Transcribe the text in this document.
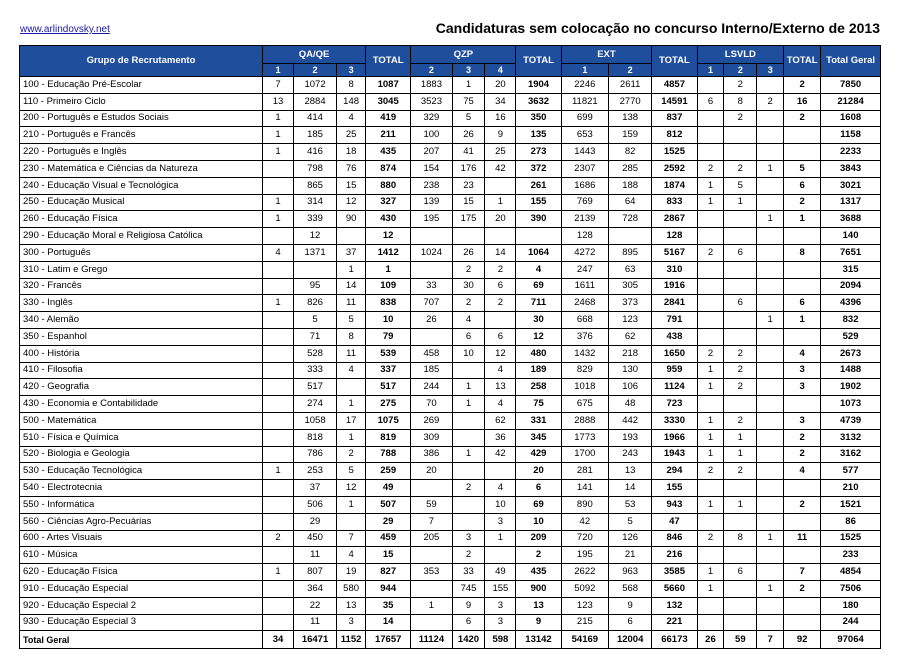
www.arlindovsky.net	Candidaturas sem colocação no concurso Interno/Externo de 2013
Grupo de Recrutamento	QA/QE			TOTAL	QZP			TOTAL	EXT		TOTAL	LSVLD			TOTAL	Total Geral
	1	2	3		2	3	4		1	2		1	2	3		
100 - Educação Pré-Escolar	7	1072	8	1087	1883	1	20	1904	2246	2611	4857		2		2	7850
110 - Primeiro Ciclo	13	2884	148	3045	3523	75	34	3632	11821	2770	14591	6	8	2	16	21284
200 - Português e Estudos Sociais	1	414	4	419	329	5	16	350	699	138	837		2		2	1608
210 - Português e Francês	1	185	25	211	100	26	9	135	653	159	812					1158
220 - Português e Inglês	1	416	18	435	207	41	25	273	1443	82	1525					2233
230 - Matemática e Ciências da Natureza		798	76	874	154	176	42	372	2307	285	2592	2	2	1	5	3843
240 - Educação Visual e Tecnológica		865	15	880	238	23		261	1686	188	1874	1	5		6	3021
250 - Educação Musical	1	314	12	327	139	15	1	155	769	64	833	1	1		2	1317
260 - Educação Física	1	339	90	430	195	175	20	390	2139	728	2867			1	1	3688
290 - Educação Moral e Religiosa Católica		12		12					128		128					140
300 - Português	4	1371	37	1412	1024	26	14	1064	4272	895	5167	2	6		8	7651
310 - Latim e Grego			1	1		2	2	4	247	63	310					315
320 - Francês		95	14	109	33	30	6	69	1611	305	1916					2094
330 - Inglês	1	826	11	838	707	2	2	711	2468	373	2841		6		6	4396
340 - Alemão		5	5	10	26	4		30	668	123	791			1	1	832
350 - Espanhol		71	8	79		6	6	12	376	62	438					529
400 - História		528	11	539	458	10	12	480	1432	218	1650	2	2		4	2673
410 - Filosofia		333	4	337	185		4	189	829	130	959	1	2		3	1488
420 - Geografia		517		517	244	1	13	258	1018	106	1124	1	2		3	1902
430 - Economia e Contabilidade		274	1	275	70	1	4	75	675	48	723					1073
500 - Matemática		1058	17	1075	269		62	331	2888	442	3330	1	2		3	4739
510 - Física e Química		818	1	819	309		36	345	1773	193	1966	1	1		2	3132
520 - Biologia e Geologia		786	2	788	386	1	42	429	1700	243	1943	1	1		2	3162
530 - Educação Tecnológica	1	253	5	259	20			20	281	13	294	2	2		4	577
540 - Electrotecnia		37	12	49		2	4	6	141	14	155					210
550 - Informática		506	1	507	59		10	69	890	53	943	1	1		2	1521
560 - Ciências Agro-Pecuárias		29		29	7		3	10	42	5	47					86
600 - Artes Visuais	2	450	7	459	205	3	1	209	720	126	846	2	8	1	11	1525
610 - Música		11	4	15		2		2	195	21	216					233
620 - Educação Física	1	807	19	827	353	33	49	435	2622	963	3585	1	6		7	4854
910 - Educação Especial		364	580	944		745	155	900	5092	568	5660	1		1	2	7506
920 - Educação Especial 2		22	13	35	1	9	3	13	123	9	132					180
930 - Educação Especial 3		11	3	14		6	3	9	215	6	221					244
Total Geral	34	16471	1152	17657	11124	1420	598	13142	54169	12004	66173	26	59	7	92	97064
